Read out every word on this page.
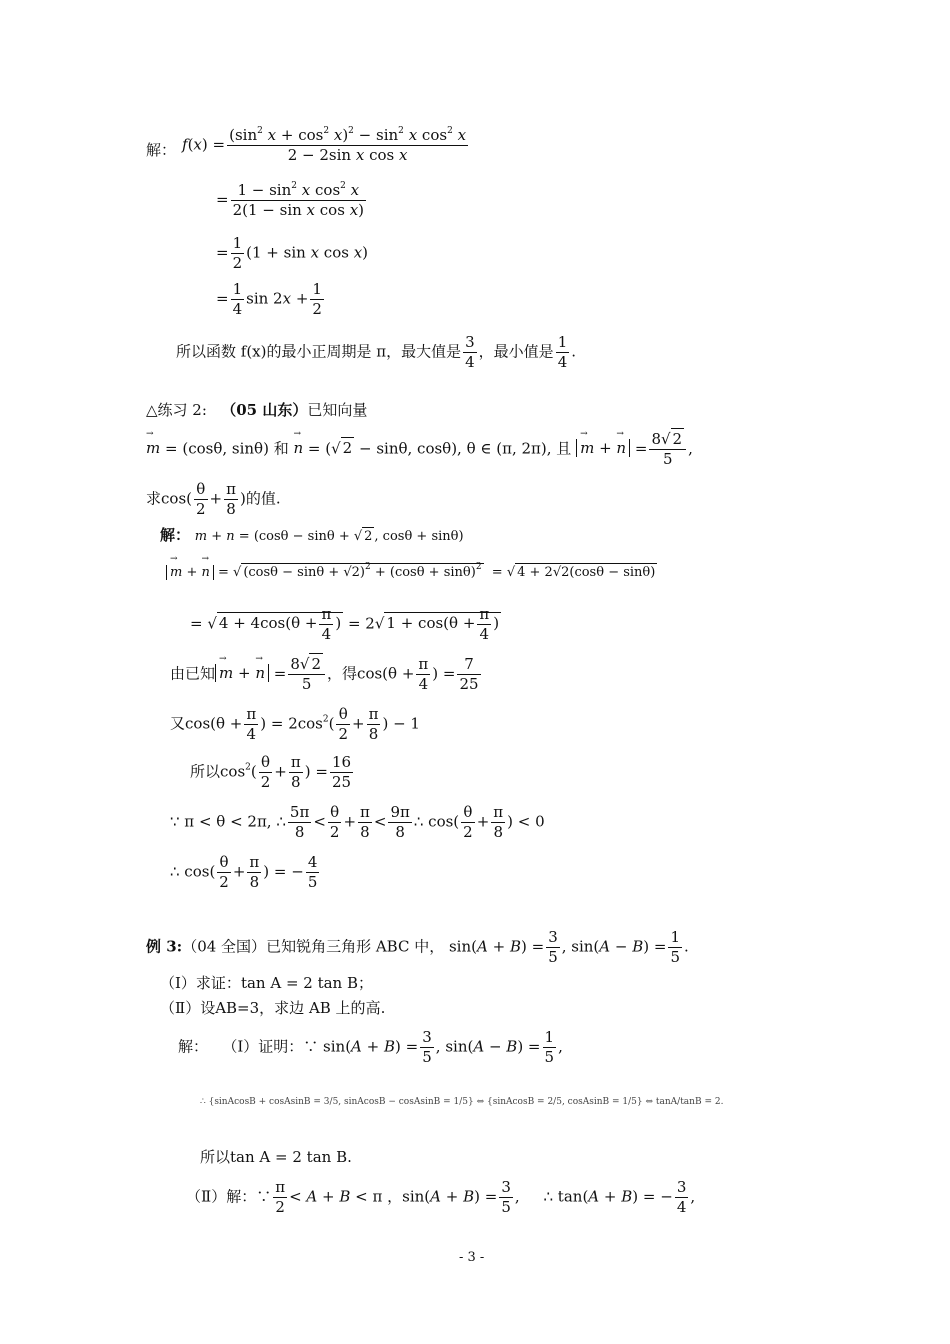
解： $f(x) = \frac{(\sin^2 x + \cos^2 x)^2 - \sin^2 x \cos^2 x}{\text{2 − 2sin x cos x}}$
= $\frac{1 - \sin^2 x \cos^2 x}{\text{2(1 − sin x cos x)}}$
= $\frac{1}{2} (1 + \sin x$ cos x)
= $\frac{1}{4}$ $\sin 2x + \frac{1}{2}$
所以函数 f(x)的最小正周期是 π，最大值是 $\frac{3}{4}$ ，最小值是 $\frac{1}{4}$ .
△练习 2: （05 山东）已知向量
→ m = (cosθ, sinθ) 和 → n = (√ 2 − sinθ, cosθ), θ ∈ (π, 2π), 且 → m + → $n = \frac{8√ 2}{5}$ ,
求$\cos( \frac{\theta}{2} + \frac{\pi}{8}$ )的值.
解： m + n = (cosθ − sinθ + √ 2 , cosθ + sinθ)
→ m + → n = √ $(\cos\theta - \sin\theta + √2)^2 + (\cos\theta + \sin\theta)^2$  = √ 4 + 2√2(cosθ − sinθ)
= √ $4 + 4\cos(\theta + \frac{\pi}{4}$ ) = 2√ $1 + \cos(\theta + \frac{\pi}{4}$ )
由已知→ m + → $n = \frac{8√ 2}{5}$ ，得$\cos(\theta + \frac{\pi}{4}$ ) = $\frac{7}{25}$
又$\cos(\theta + \frac{\pi}{4}$ ) = $2\cos^2( \frac{\theta}{2} + \frac{\pi}{8}$ ) − 1
所以$\cos^2( \frac{\theta}{2} + \frac{\pi}{8}$ ) = $\frac{16}{25}$
∵ π < θ < 2π, ∴ $\frac{5\pi}{8} < \frac{\theta}{2} + \frac{\pi}{8} < \frac{9\pi}{8}$ ∴ $\cos( \frac{\theta}{2} + \frac{\pi}{8}$ ) < 0
∴ $\cos( \frac{\theta}{2} + \frac{\pi}{8}$ ) = − $\frac{4}{5}$
例 3:（04 全国）已知锐角三角形 ABC 中， $\sin(A + B) = \frac{3}{5}$ , $\sin(A - B) = \frac{1}{5}$ .
（Ⅰ）求证：tan A = 2 tan B；
（Ⅱ）设AB=3，求边 AB 上的高.
解： （Ⅰ）证明：∵ $\sin(A + B) = \frac{3}{5}$ , $\sin(A - B) = \frac{1}{5}$ ,
∴ {sinAcosB + cosAsinB = 3/5, sinAcosB − cosAsinB = 1/5} ⇔ {sinAcosB = 2/5, cosAsinB = 1/5} ⇔ tanA/tanB = 2.
所以tan A = 2 tan B.
（Ⅱ）解：∵ $\frac{\pi}{2} < A + B < \pi$ ，$\sin(A + B) = \frac{3}{5}$ ,     ∴ tan(A + B) = − $\frac{3}{4}$ ,
- 3 -
